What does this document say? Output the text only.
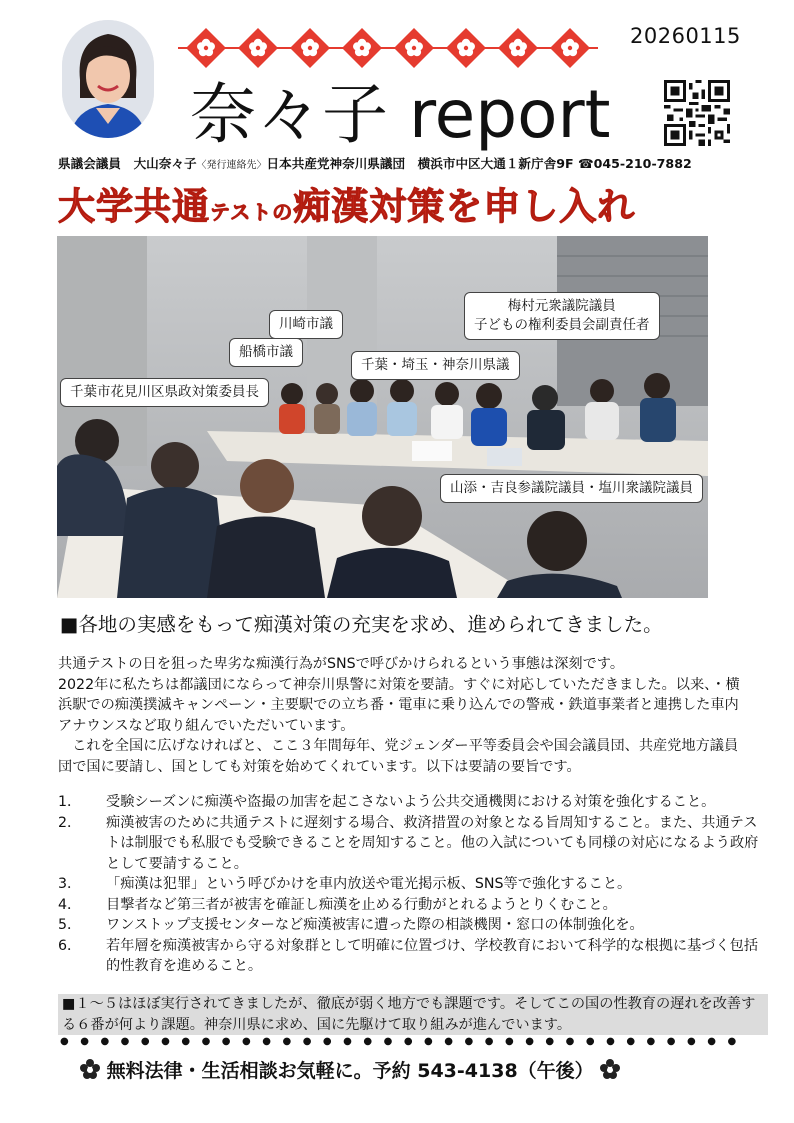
20260115
奈々子 report
県議会議員　大山奈々子〈発行連絡先〉日本共産党神奈川県議団　横浜市中区大通１新庁舎9F ☎045-210-7882
大学共通テストの痴漢対策を申し入れ
梅村元衆議院議員
子どもの権利委員会副責任者
川崎市議
船橋市議
千葉・埼玉・神奈川県議
千葉市花見川区県政対策委員長
山添・吉良参議院議員・塩川衆議院議員
■各地の実感をもって痴漢対策の充実を求め、進められてきました。

共通テストの日を狙った卑劣な痴漢行為がSNSで呼びかけられるという事態は深刻です。

2022年に私たちは都議団にならって神奈川県警に対策を要請。すぐに対応していただきました。以来、・横浜駅での痴漢撲滅キャンペーン・主要駅での立ち番・電車に乗り込んでの警戒・鉄道事業者と連携した車内アナウンスなど取り組んでいただいています。

　これを全国に広げなければと、ここ３年間毎年、党ジェンダー平等委員会や国会議員団、共産党地方議員団で国に要請し、国としても対策を始めてくれています。以下は要請の要旨です。

1．	受験シーズンに痴漢や盗撮の加害を起こさないよう公共交通機関における対策を強化すること。
2．	痴漢被害のために共通テストに遅刻する場合、救済措置の対象となる旨周知すること。また、共通テストは制服でも私服でも受験できることを周知すること。他の入試についても同様の対応になるよう政府として要請すること。
3．	「痴漢は犯罪」という呼びかけを車内放送や電光掲示板、SNS等で強化すること。
4．	目撃者など第三者が被害を確証し痴漢を止める行動がとれるようとりくむこと。
5．	ワンストップ支援センターなど痴漢被害に遭った際の相談機関・窓口の体制強化を。
6．	若年層を痴漢被害から守る対象群として明確に位置づけ、学校教育において科学的な根拠に基づく包括的性教育を進めること。
■１～５はほぼ実行されてきましたが、徹底が弱く地方でも課題です。そしてこの国の性教育の遅れを改善する６番が何より課題。神奈川県に求め、国に先駆けて取り組みが進んでいます。
●●●●●●●●●●●●●●●●●●●●●●●●●●●●●●●●●●
無料法律・生活相談お気軽に。予約 543-4138（午後）
